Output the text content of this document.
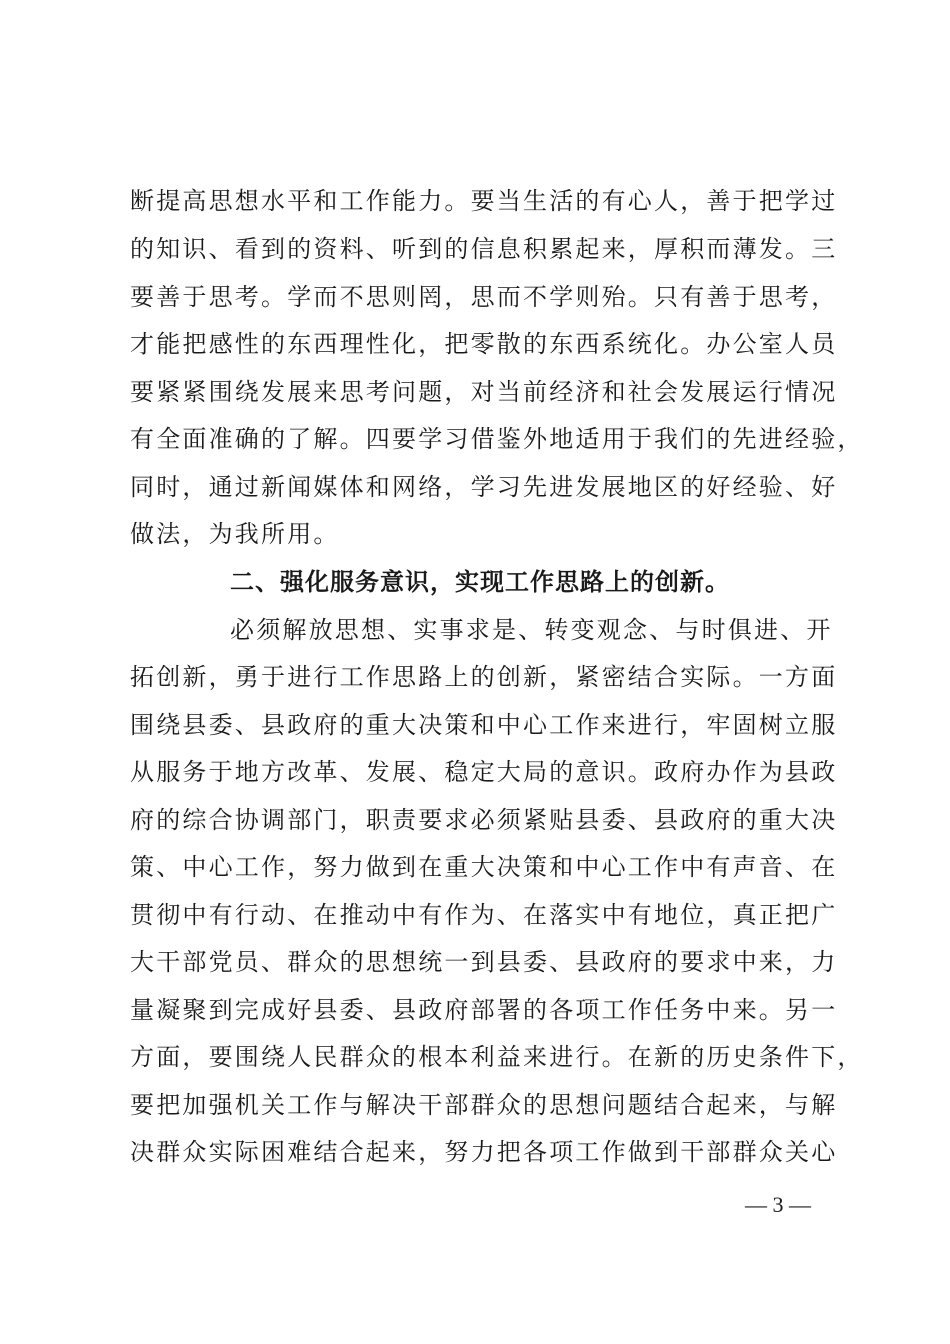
断提高思想水平和工作能力。要当生活的有心人，善于把学过
的知识、看到的资料、听到的信息积累起来，厚积而薄发。三
要善于思考。学而不思则罔，思而不学则殆。只有善于思考，
才能把感性的东西理性化，把零散的东西系统化。办公室人员
要紧紧围绕发展来思考问题，对当前经济和社会发展运行情况
有全面准确的了解。四要学习借鉴外地适用于我们的先进经验，
同时，通过新闻媒体和网络，学习先进发展地区的好经验、好
做法，为我所用。
二、强化服务意识，实现工作思路上的创新。
必须解放思想、实事求是、转变观念、与时俱进、开
拓创新，勇于进行工作思路上的创新，紧密结合实际。一方面
围绕县委、县政府的重大决策和中心工作来进行，牢固树立服
从服务于地方改革、发展、稳定大局的意识。政府办作为县政
府的综合协调部门，职责要求必须紧贴县委、县政府的重大决
策、中心工作，努力做到在重大决策和中心工作中有声音、在
贯彻中有行动、在推动中有作为、在落实中有地位，真正把广
大干部党员、群众的思想统一到县委、县政府的要求中来，力
量凝聚到完成好县委、县政府部署的各项工作任务中来。另一
方面，要围绕人民群众的根本利益来进行。在新的历史条件下，
要把加强机关工作与解决干部群众的思想问题结合起来，与解
决群众实际困难结合起来，努力把各项工作做到干部群众关心
— 3 —
